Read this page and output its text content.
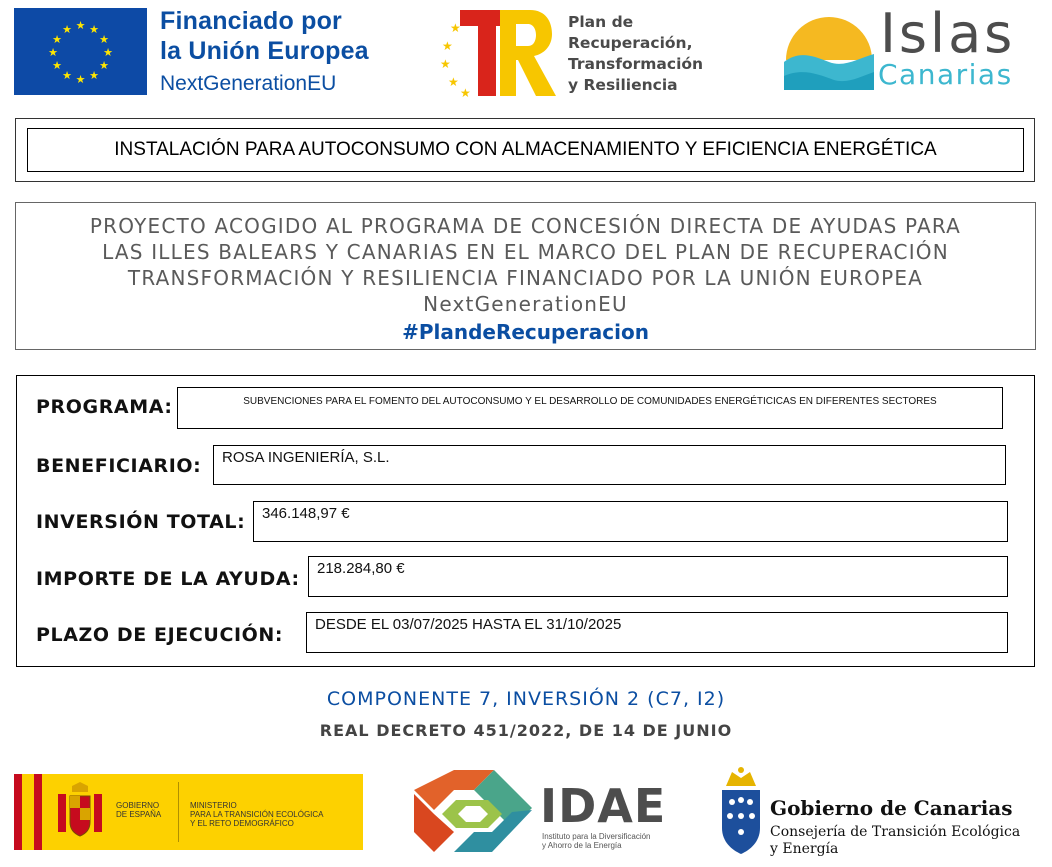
★ ★
★
★
★
★
★
★
★
★
★
★	Financiado por
la Unión Europea
NextGenerationEU
★
★
★
★
★
Plan de
Recuperación,
Transformación
y Resiliencia
Islas
Canarias
INSTALACIÓN PARA AUTOCONSUMO CON ALMACENAMIENTO Y EFICIENCIA ENERGÉTICA
PROYECTO ACOGIDO AL PROGRAMA DE CONCESIÓN DIRECTA DE AYUDAS PARA
LAS ILLES BALEARS Y CANARIAS EN EL MARCO DEL PLAN DE RECUPERACIÓN
TRANSFORMACIÓN Y RESILIENCIA FINANCIADO POR LA UNIÓN EUROPEA
NextGenerationEU
#PlandeRecuperacion
PROGRAMA:	SUBVENCIONES PARA EL FOMENTO DEL AUTOCONSUMO Y EL DESARROLLO DE COMUNIDADES ENERGÉTICICAS EN DIFERENTES SECTORES
BENEFICIARIO:	ROSA INGENIERÍA, S.L.
INVERSIÓN TOTAL:	346.148,97 €
IMPORTE DE LA AYUDA:	218.284,80 €
PLAZO DE EJECUCIÓN:	DESDE EL 03/07/2025 HASTA EL 31/10/2025
COMPONENTE 7, INVERSIÓN 2 (C7, I2)
REAL DECRETO 451/2022, DE 14 DE JUNIO
GOBIERNO
DE ESPAÑA
MINISTERIO
PARA LA TRANSICIÓN ECOLÓGICA
Y EL RETO DEMOGRÁFICO	IDAE
Instituto para la Diversificación
y Ahorro de la Energía
Gobierno de Canarias
Consejería de Transición Ecológica
y Energía
